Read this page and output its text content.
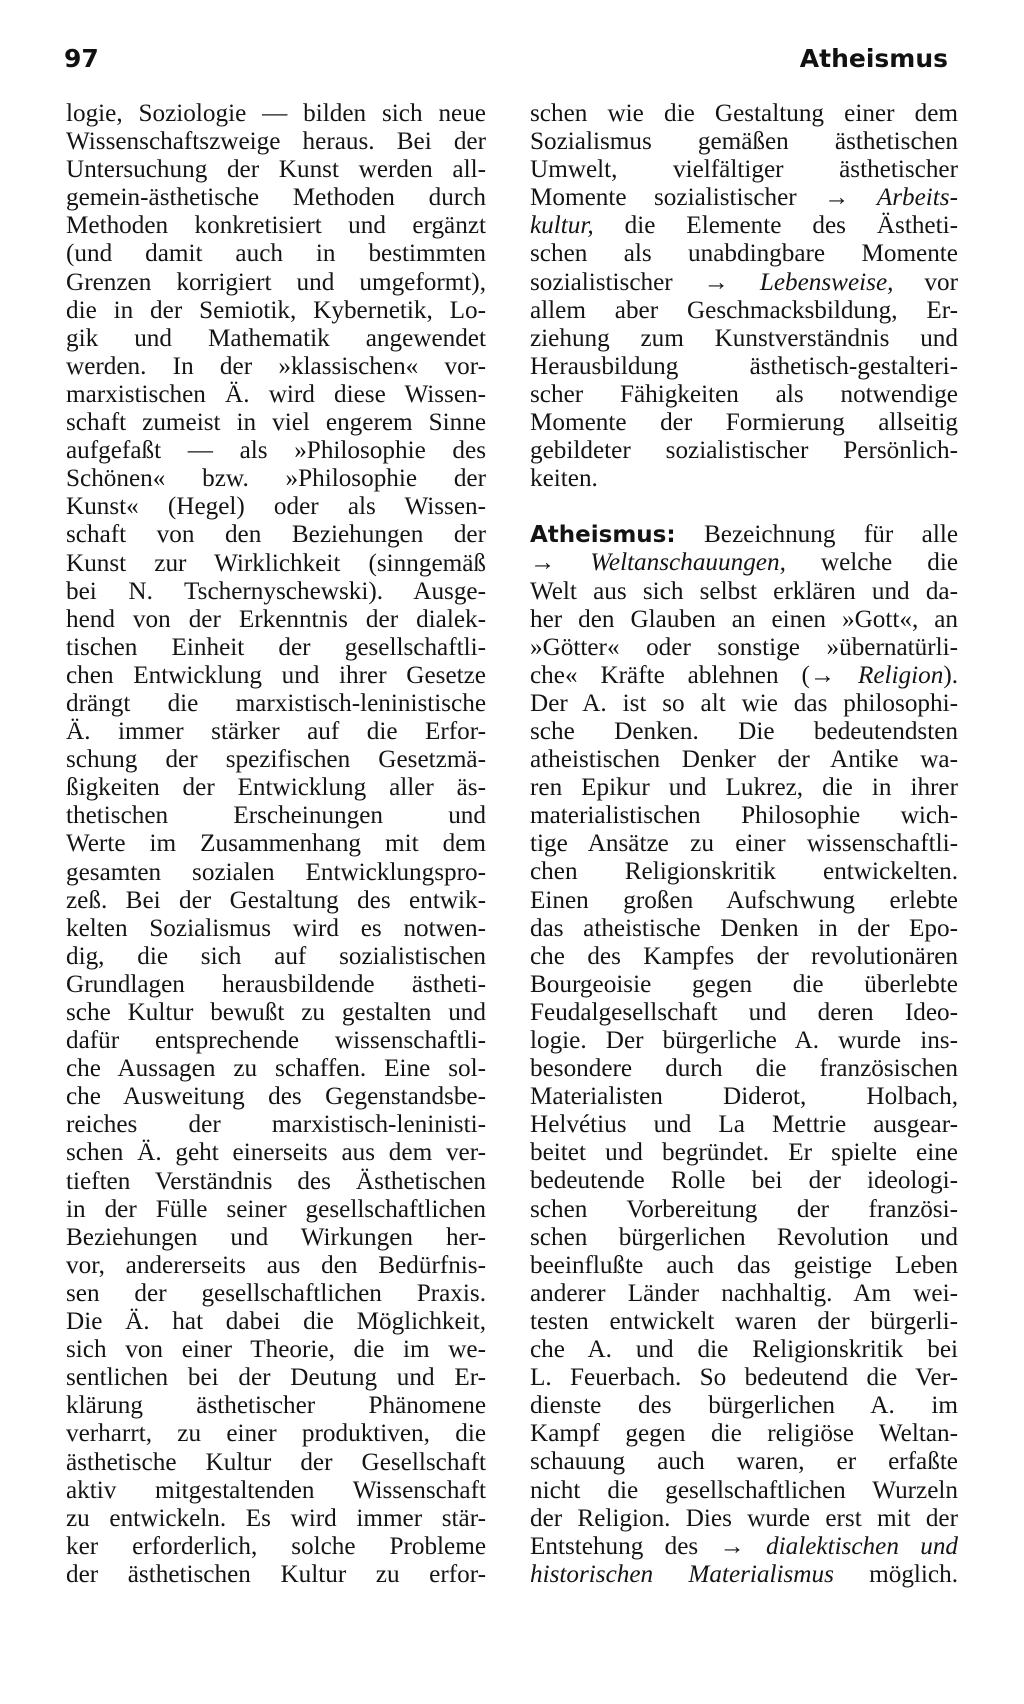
97	Atheismus
logie, Soziologie — bilden sich neue
Wissenschaftszweige heraus. Bei der
Untersuchung der Kunst werden all-
gemein-ästhetische Methoden durch
Methoden konkretisiert und ergänzt
(und damit auch in bestimmten
Grenzen korrigiert und umgeformt),
die in der Semiotik, Kybernetik, Lo-
gik und Mathematik angewendet
werden. In der »klassischen« vor-
marxistischen Ä. wird diese Wissen-
schaft zumeist in viel engerem Sinne
aufgefaßt — als »Philosophie des
Schönen« bzw. »Philosophie der
Kunst« (Hegel) oder als Wissen-
schaft von den Beziehungen der
Kunst zur Wirklichkeit (sinngemäß
bei N. Tschernyschewski). Ausge-
hend von der Erkenntnis der dialek-
tischen Einheit der gesellschaftli-
chen Entwicklung und ihrer Gesetze
drängt die marxistisch-leninistische
Ä. immer stärker auf die Erfor-
schung der spezifischen Gesetzmä-
ßigkeiten der Entwicklung aller äs-
thetischen Erscheinungen und
Werte im Zusammenhang mit dem
gesamten sozialen Entwicklungspro-
zeß. Bei der Gestaltung des entwik-
kelten Sozialismus wird es notwen-
dig, die sich auf sozialistischen
Grundlagen herausbildende ästheti-
sche Kultur bewußt zu gestalten und
dafür entsprechende wissenschaftli-
che Aussagen zu schaffen. Eine sol-
che Ausweitung des Gegenstandsbe-
reiches der marxistisch-leninisti-
schen Ä. geht einerseits aus dem ver-
tieften Verständnis des Ästhetischen
in der Fülle seiner gesellschaftlichen
Beziehungen und Wirkungen her-
vor, andererseits aus den Bedürfnis-
sen der gesellschaftlichen Praxis.
Die Ä. hat dabei die Möglichkeit,
sich von einer Theorie, die im we-
sentlichen bei der Deutung und Er-
klärung ästhetischer Phänomene
verharrt, zu einer produktiven, die
ästhetische Kultur der Gesellschaft
aktiv mitgestaltenden Wissenschaft
zu entwickeln. Es wird immer stär-
ker erforderlich, solche Probleme
der ästhetischen Kultur zu erfor-
schen wie die Gestaltung einer dem
Sozialismus gemäßen ästhetischen
Umwelt, vielfältiger ästhetischer
Momente sozialistischer → Arbeits-
kultur, die Elemente des Ästheti-
schen als unabdingbare Momente
sozialistischer → Lebensweise, vor
allem aber Geschmacksbildung, Er-
ziehung zum Kunstverständnis und
Herausbildung ästhetisch-gestalteri-
scher Fähigkeiten als notwendige
Momente der Formierung allseitig
gebildeter sozialistischer Persönlich-
keiten.
Atheismus: Bezeichnung für alle
→ Weltanschauungen, welche die
Welt aus sich selbst erklären und da-
her den Glauben an einen »Gott«, an
»Götter« oder sonstige »übernatürli-
che« Kräfte ablehnen (→ Religion).
Der A. ist so alt wie das philosophi-
sche Denken. Die bedeutendsten
atheistischen Denker der Antike wa-
ren Epikur und Lukrez, die in ihrer
materialistischen Philosophie wich-
tige Ansätze zu einer wissenschaftli-
chen Religionskritik entwickelten.
Einen großen Aufschwung erlebte
das atheistische Denken in der Epo-
che des Kampfes der revolutionären
Bourgeoisie gegen die überlebte
Feudalgesellschaft und deren Ideo-
logie. Der bürgerliche A. wurde ins-
besondere durch die französischen
Materialisten Diderot, Holbach,
Helvétius und La Mettrie ausgear-
beitet und begründet. Er spielte eine
bedeutende Rolle bei der ideologi-
schen Vorbereitung der französi-
schen bürgerlichen Revolution und
beeinflußte auch das geistige Leben
anderer Länder nachhaltig. Am wei-
testen entwickelt waren der bürgerli-
che A. und die Religionskritik bei
L. Feuerbach. So bedeutend die Ver-
dienste des bürgerlichen A. im
Kampf gegen die religiöse Weltan-
schauung auch waren, er erfaßte
nicht die gesellschaftlichen Wurzeln
der Religion. Dies wurde erst mit der
Entstehung des → dialektischen und
historischen Materialismus möglich.
